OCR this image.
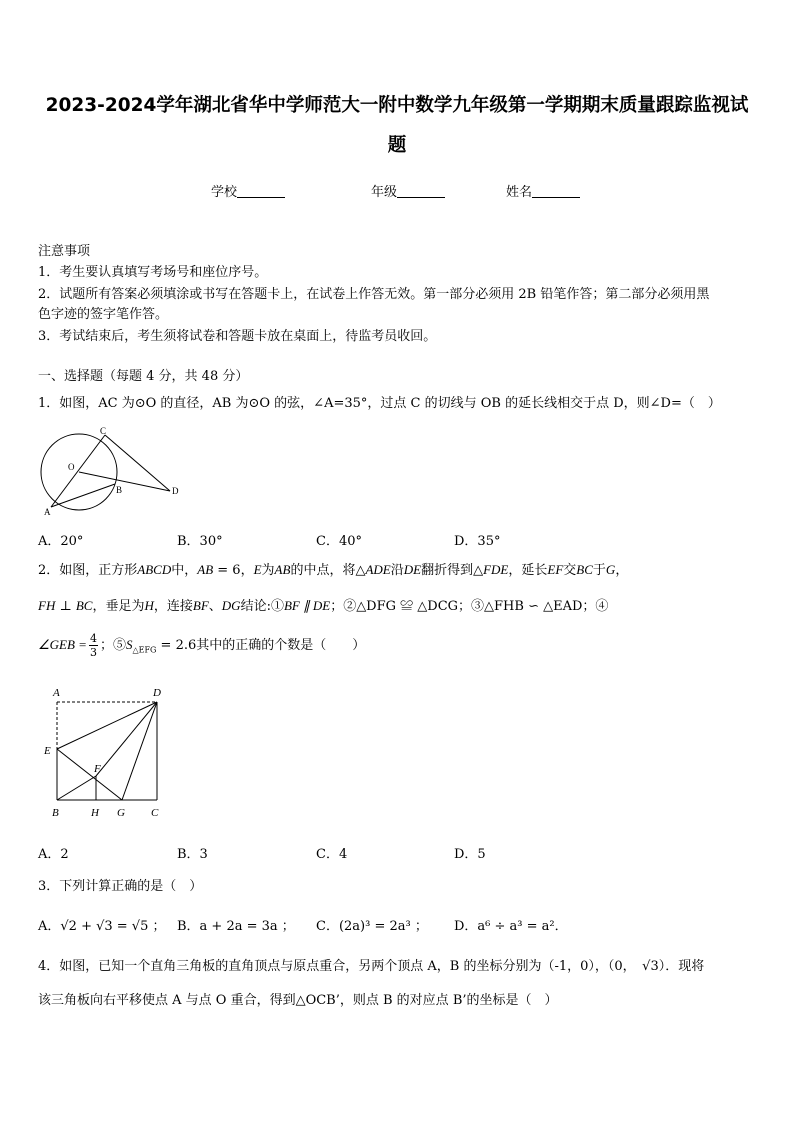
2023-2024学年湖北省华中学师范大一附中数学九年级第一学期期末质量跟踪监视试
题
学校	年级	姓名
注意事项
1．考生要认真填写考场号和座位序号。
2．试题所有答案必须填涂或书写在答题卡上，在试卷上作答无效。第一部分必须用 2B 铅笔作答；第二部分必须用黑
色字迹的签字笔作答。
3．考试结束后，考生须将试卷和答题卡放在桌面上，待监考员收回。
一、选择题（每题 4 分，共 48 分）
1．如图，AC 为⊙O 的直径，AB 为⊙O 的弦，∠A=35°，过点 C 的切线与 OB 的延长线相交于点 D，则∠D=（　）
C
O
B
A
D
A．20°	B．30°	C．40°	D．35°
2．如图，正方形ABCD中，AB = 6，E为AB的中点，将△ADE沿DE翻折得到△FDE，延长EF交BC于G，
FH ⊥ BC，垂足为H，连接BF、DG结论:①BF ∥ DE；②△DFG ≌ △DCG；③△FHB ∽ △EAD；④
∠GEB = $\frac{4}{3}$ ；$⑤S_{\triangle EFG} = 2.6$其中的正确的个数是（　　）
A	D
E
F
B	H G C
A．2	B．3	C．4	D．5
3．下列计算正确的是（　）
A．√2 + √3 = √5 ； B．a + 2a = 3a ； C．(2a)³ = 2a³ ； D．a⁶ ÷ a³ = a²．
4．如图，已知一个直角三角板的直角顶点与原点重合，另两个顶点 A，B 的坐标分别为（-1，0），（0，　√3）．现将
该三角板向右平移使点 A 与点 O 重合，得到△OCB’，则点 B 的对应点 B’的坐标是（　）
